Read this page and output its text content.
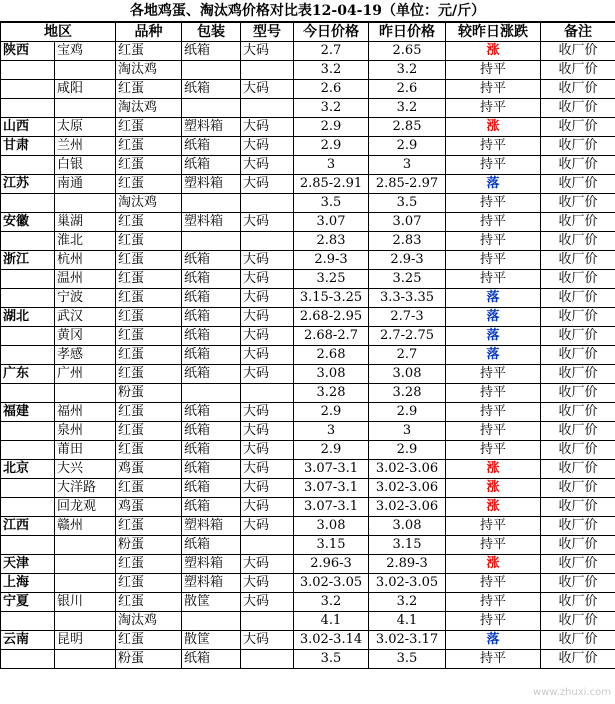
各地鸡蛋、淘汰鸡价格对比表12-04-19（单位：元/斤）
地区		品种	包装	型号	今日价格	昨日价格	较昨日涨跌	备注
陕西	宝鸡	红蛋	纸箱	大码	2.7	2.65	涨	收厂价
		淘汰鸡			3.2	3.2	持平	收厂价
	咸阳	红蛋	纸箱	大码	2.6	2.6	持平	收厂价
		淘汰鸡			3.2	3.2	持平	收厂价
山西	太原	红蛋	塑料箱	大码	2.9	2.85	涨	收厂价
甘肃	兰州	红蛋	纸箱	大码	2.9	2.9	持平	收厂价
	白银	红蛋	纸箱	大码	3	3	持平	收厂价
江苏	南通	红蛋	塑料箱	大码	2.85-2.91	2.85-2.97	落	收厂价
		淘汰鸡			3.5	3.5	持平	收厂价
安徽	巢湖	红蛋	塑料箱	大码	3.07	3.07	持平	收厂价
	淮北	红蛋			2.83	2.83	持平	收厂价
浙江	杭州	红蛋	纸箱	大码	2.9-3	2.9-3	持平	收厂价
	温州	红蛋	纸箱	大码	3.25	3.25	持平	收厂价
	宁波	红蛋	纸箱	大码	3.15-3.25	3.3-3.35	落	收厂价
湖北	武汉	红蛋	纸箱	大码	2.68-2.95	2.7-3	落	收厂价
	黄冈	红蛋	纸箱	大码	2.68-2.7	2.7-2.75	落	收厂价
	孝感	红蛋	纸箱	大码	2.68	2.7	落	收厂价
广东	广州	红蛋	纸箱	大码	3.08	3.08	持平	收厂价
		粉蛋			3.28	3.28	持平	收厂价
福建	福州	红蛋	纸箱	大码	2.9	2.9	持平	收厂价
	泉州	红蛋	纸箱	大码	3	3	持平	收厂价
	莆田	红蛋	纸箱	大码	2.9	2.9	持平	收厂价
北京	大兴	鸡蛋	纸箱	大码	3.07-3.1	3.02-3.06	涨	收厂价
	大洋路	红蛋	纸箱	大码	3.07-3.1	3.02-3.06	涨	收厂价
	回龙观	鸡蛋	纸箱	大码	3.07-3.1	3.02-3.06	涨	收厂价
江西	赣州	红蛋	塑料箱	大码	3.08	3.08	持平	收厂价
		粉蛋	纸箱		3.15	3.15	持平	收厂价
天津		红蛋	塑料箱	大码	2.96-3	2.89-3	涨	收厂价
上海		红蛋	塑料箱	大码	3.02-3.05	3.02-3.05	持平	收厂价
宁夏	银川	红蛋	散筐	大码	3.2	3.2	持平	收厂价
		淘汰鸡			4.1	4.1	持平	收厂价
云南	昆明	红蛋	散筐	大码	3.02-3.14	3.02-3.17	落	收厂价
		粉蛋	纸箱		3.5	3.5	持平	收厂价
www.zhuxi.com
